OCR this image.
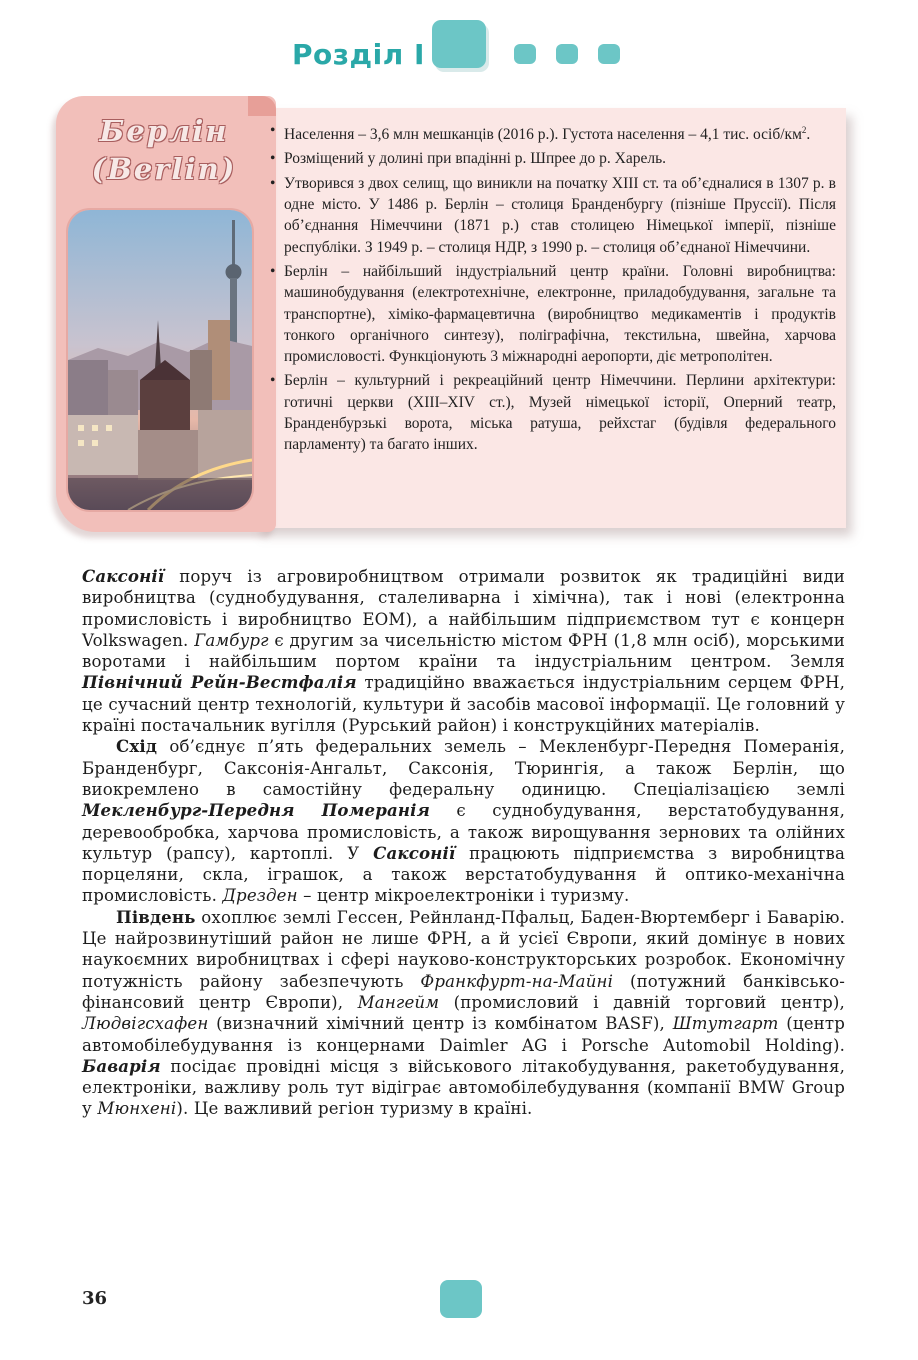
Розділ І
Берлін
(Berlin)
• Населення – 3,6 млн мешканців (2016 р.). Густота населення – 4,1 тис. осіб/$км^2$.
• Розміщений у долині при впадінні р. Шпрее до р. Харель.
• Утворився з двох селищ, що виникли на початку XIII ст. та об’єдналися в 1307 р. в одне місто. У 1486 р. Берлін – столиця Бранденбургу (пізніше Пруссії). Після об’єднання Німеччини (1871 р.) став столицею Німецької імперії, пізніше республіки. З 1949 р. – столиця НДР, з 1990 р. – столиця об’єднаної Німеччини.
• Берлін – найбільший індустріальний центр країни. Головні виробництва: машинобудування (електротехнічне, електронне, приладобудування, загальне та транспортне), хіміко-фармацевтична (виробництво медикаментів і продуктів тонкого органічного синтезу), поліграфічна, текстильна, швейна, харчова промисловості. Функціонують 3 міжнародні аеропорти, діє метрополітен.
• Берлін – культурний і рекреаційний центр Німеччини. Перлини архітектури: готичні церкви (XIII–XIV ст.), Музей німецької історії, Оперний театр, Бранденбурзькі ворота, міська ратуша, рейхстаг (будівля федерального парламенту) та багато інших.

Саксонії поруч із агровиробництвом отримали розвиток як традиційні види виробництва (суднобудування, сталеливарна і хімічна), так і нові (електронна промисловість і виробництво ЕОМ), а найбільшим підприємством тут є концерн Volkswagen. Гамбург є другим за чисельністю містом ФРН (1,8 млн осіб), морськими воротами і найбільшим портом країни та індустріальним центром. Земля Північний Рейн-Вестфалія традиційно вважається індустріальним серцем ФРН, це сучасний центр технологій, культури й засобів масової інформації. Це головний у країні постачальник вугілля (Рурський район) і конструкційних матеріалів.

Схід об’єднує п’ять федеральних земель – Мекленбург-Передня Померанія, Бранденбург, Саксонія-Ангальт, Саксонія, Тюрингія, а також Берлін, що виокремлено в самостійну федеральну одиницю. Спеціалізацією землі Мекленбург-Передня Померанія є суднобудування, верстатобудування, деревообробка, харчова промисловість, а також вирощування зернових та олійних культур (рапсу), картоплі. У Саксонії працюють підприємства з виробництва порцеляни, скла, іграшок, а також верстатобудування й оптико-механічна промисловість. Дрезден – центр мікроелектроніки і туризму.

Південь охоплює землі Гессен, Рейнланд-Пфальц, Баден-Вюртемберг і Баварію. Це найрозвинутіший район не лише ФРН, а й усієї Європи, який домінує в нових наукоємних виробництвах і сфері науково-конструкторських розробок. Економічну потужність району забезпечують Франкфурт-на-Майні (потужний банківсько-фінансовий центр Європи), Мангейм (промисловий і давній торговий центр), Людвігсхафен (визначний хімічний центр із комбінатом BASF), Штутгарт (центр автомобілебудування із концернами Daimler AG і Porsche Automobil Holding). Баварія посідає провідні місця з військового літакобудування, ракетобудування, електроніки, важливу роль тут відіграє автомобілебудування (компанії BMW Group у Мюнхені). Це важливий регіон туризму в країні.

36
